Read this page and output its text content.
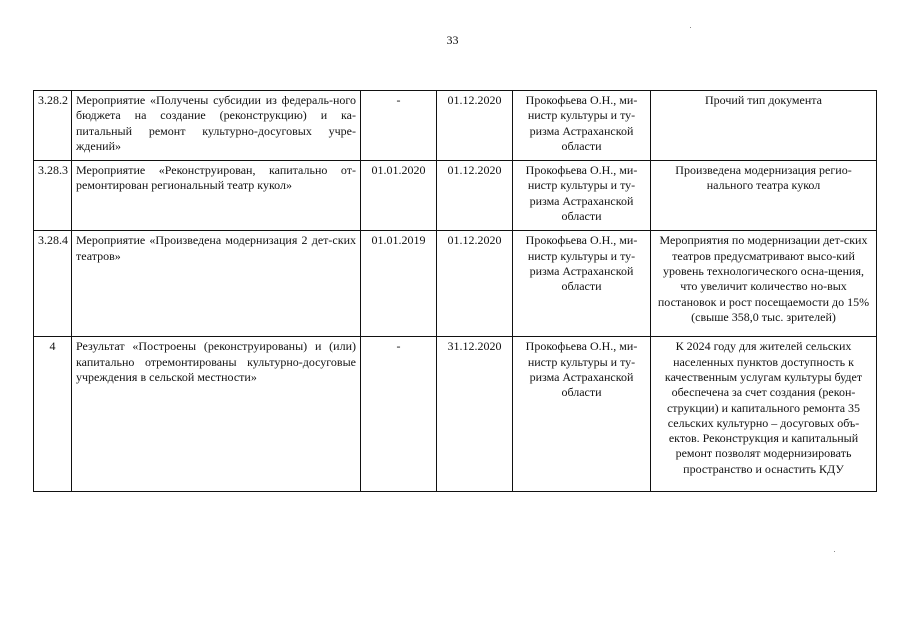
33
3.28.2	Мероприятие «Получены субсидии из федераль-ного бюджета на создание (реконструкцию) и ка-питальный ремонт культурно-досуговых учре-ждений»	-	01.12.2020	Прокофьева О.Н., ми-нистр культуры и ту-ризма Астраханской области	Прочий тип документа
3.28.3	Мероприятие «Реконструирован, капитально от-ремонтирован региональный театр кукол»	01.01.2020	01.12.2020	Прокофьева О.Н., ми-нистр культуры и ту-ризма Астраханской области	Произведена модернизация регио-нального театра кукол
3.28.4	Мероприятие «Произведена модернизация 2 дет-ских театров»	01.01.2019	01.12.2020	Прокофьева О.Н., ми-нистр культуры и ту-ризма Астраханской области	Мероприятия по модернизации дет-ских театров предусматривают высо-кий уровень технологического осна-щения, что увеличит количество но-вых постановок и рост посещаемости до 15% (свыше 358,0 тыс. зрителей)
4	Результат «Построены (реконструированы) и (или) капитально отремонтированы культурно-досуговые учреждения в сельской местности»	-	31.12.2020	Прокофьева О.Н., ми-нистр культуры и ту-ризма Астраханской области	К 2024 году для жителей сельских населенных пунктов доступность к качественным услугам культуры будет обеспечена за счет создания (рекон-струкции) и капитального ремонта 35 сельских культурно – досуговых объ-ектов. Реконструкция и капитальный ремонт позволят модернизировать пространство и оснастить КДУ
